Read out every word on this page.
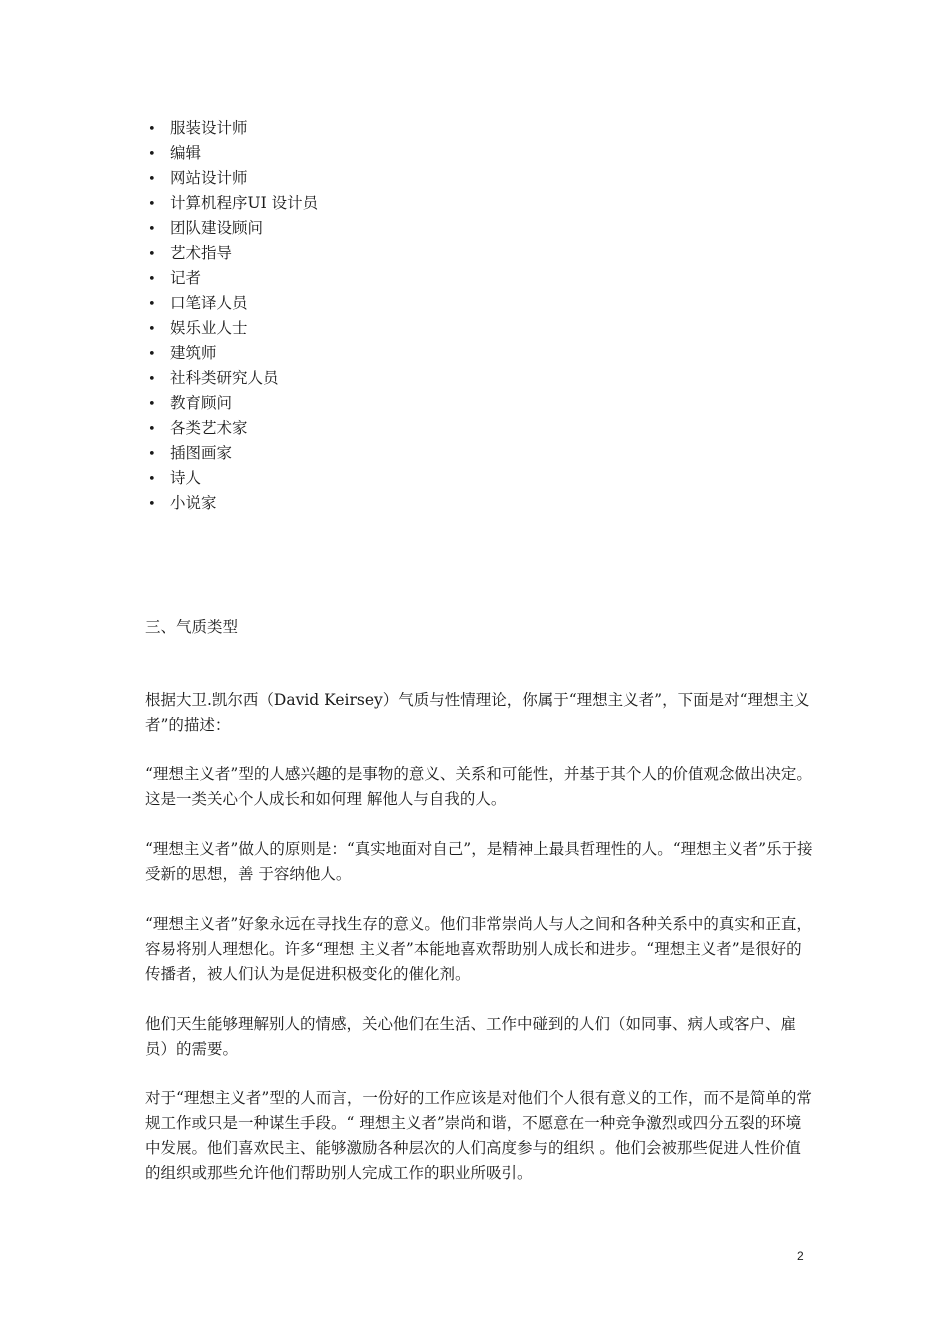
• 服装设计师
• 编辑
• 网站设计师
• 计算机程序UI 设计员
• 团队建设顾问
• 艺术指导
• 记者
• 口笔译人员
• 娱乐业人士
• 建筑师
• 社科类研究人员
• 教育顾问
• 各类艺术家
• 插图画家
• 诗人
• 小说家
三、气质类型

根据大卫.凯尔西（David Keirsey）气质与性情理论，你属于“理想主义者”，下面是对“理想主义者”的描述：

“理想主义者”型的人感兴趣的是事物的意义、关系和可能性，并基于其个人的价值观念做出决定。这是一类关心个人成长和如何理 解他人与自我的人。

“理想主义者”做人的原则是：“真实地面对自己”，是精神上最具哲理性的人。“理想主义者”乐于接受新的思想，善 于容纳他人。

“理想主义者”好象永远在寻找生存的意义。他们非常崇尚人与人之间和各种关系中的真实和正直，容易将别人理想化。许多“理想 主义者”本能地喜欢帮助别人成长和进步。“理想主义者”是很好的传播者，被人们认为是促进积极变化的催化剂。

他们天生能够理解别人的情感，关心他们在生活、工作中碰到的人们（如同事、病人或客户、雇员）的需要。

对于“理想主义者”型的人而言，一份好的工作应该是对他们个人很有意义的工作，而不是简单的常规工作或只是一种谋生手段。“ 理想主义者”崇尚和谐，不愿意在一种竞争激烈或四分五裂的环境中发展。他们喜欢民主、能够激励各种层次的人们高度参与的组织 。他们会被那些促进人性价值的组织或那些允许他们帮助别人完成工作的职业所吸引。

2
